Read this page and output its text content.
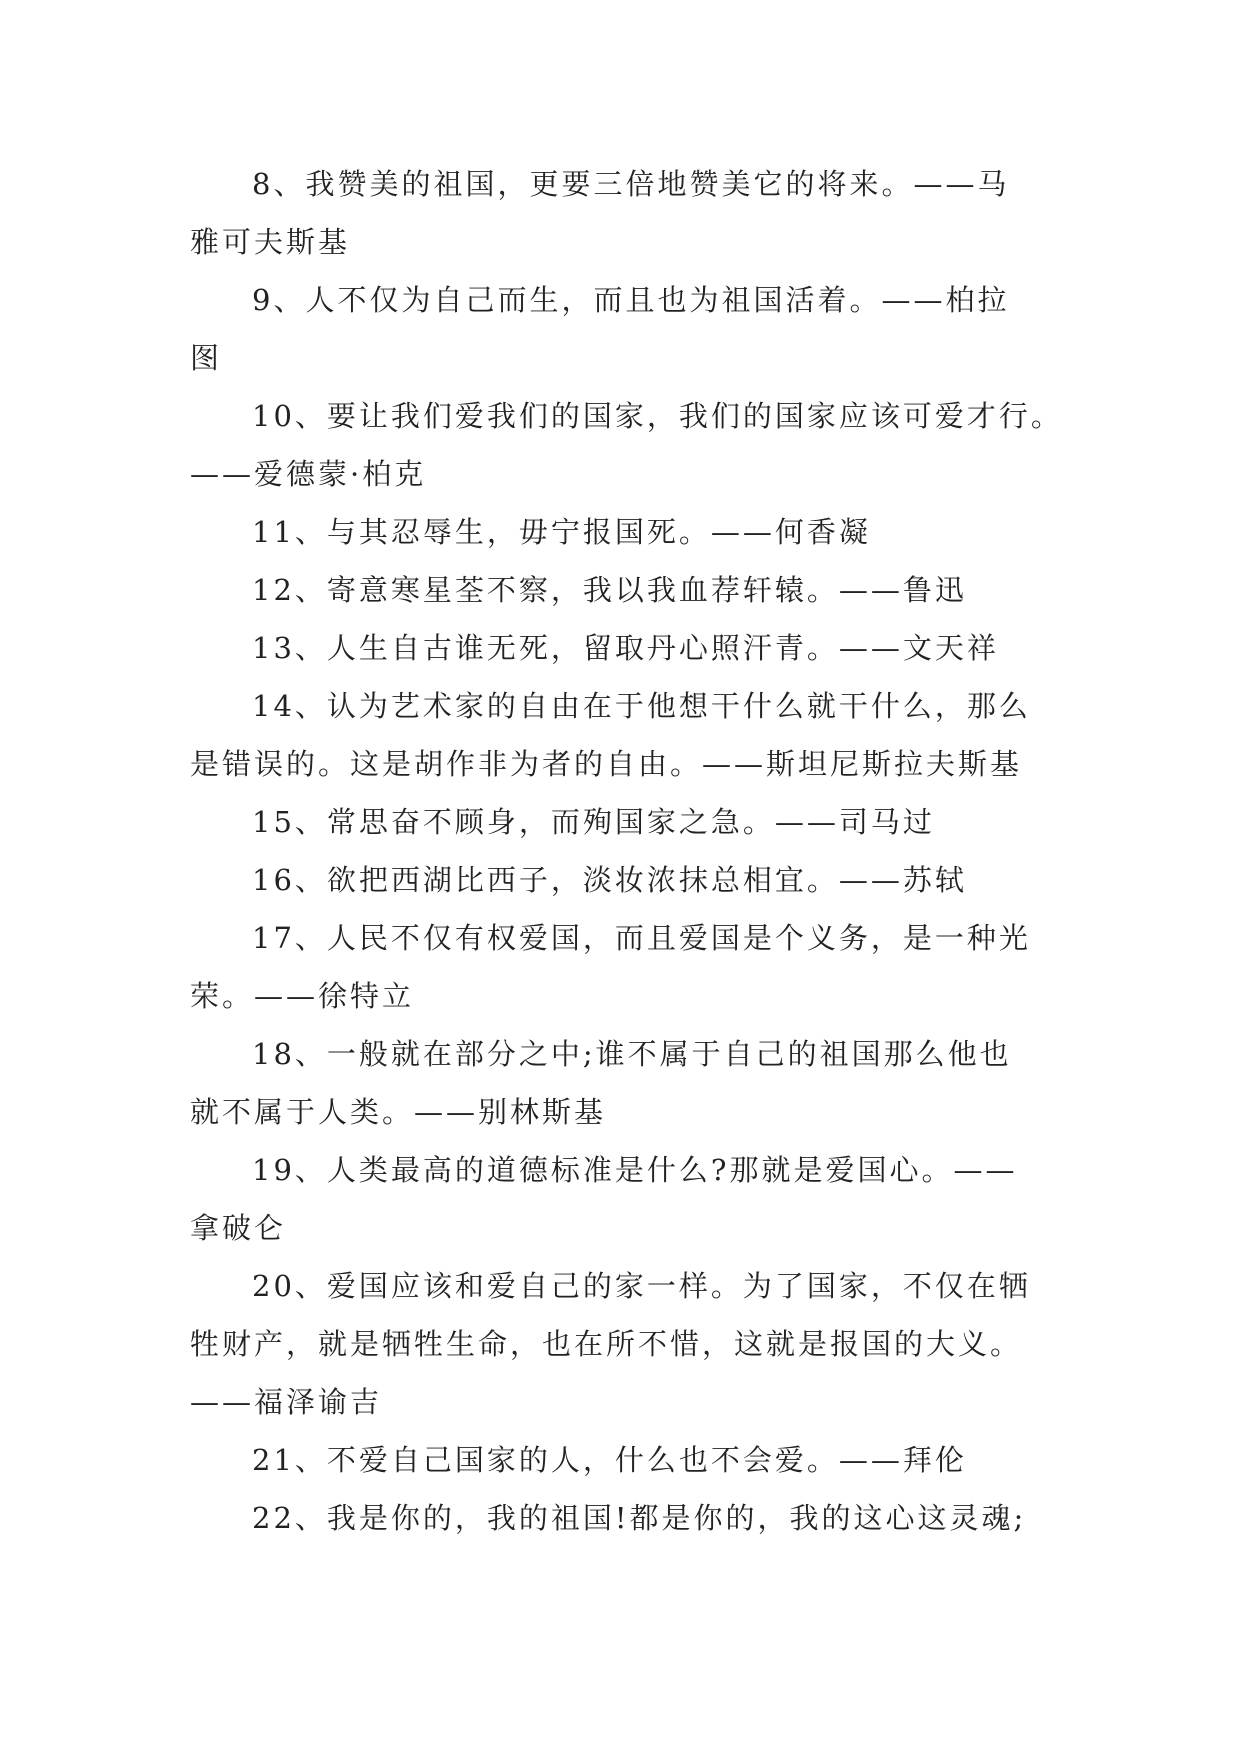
8、我赞美的祖国，更要三倍地赞美它的将来。——马
雅可夫斯基
9、人不仅为自己而生，而且也为祖国活着。——柏拉
图
10、要让我们爱我们的国家，我们的国家应该可爱才行。
——爱德蒙·柏克
11、与其忍辱生，毋宁报国死。——何香凝
12、寄意寒星荃不察，我以我血荐轩辕。——鲁迅
13、人生自古谁无死，留取丹心照汗青。——文天祥
14、认为艺术家的自由在于他想干什么就干什么，那么
是错误的。这是胡作非为者的自由。——斯坦尼斯拉夫斯基
15、常思奋不顾身，而殉国家之急。——司马过
16、欲把西湖比西子，淡妆浓抹总相宜。——苏轼
17、人民不仅有权爱国，而且爱国是个义务，是一种光
荣。——徐特立
18、一般就在部分之中;谁不属于自己的祖国那么他也
就不属于人类。——别林斯基
19、人类最高的道德标准是什么?那就是爱国心。——
拿破仑
20、爱国应该和爱自己的家一样。为了国家，不仅在牺
牲财产，就是牺牲生命，也在所不惜，这就是报国的大义。
——福泽谕吉
21、不爱自己国家的人，什么也不会爱。——拜伦
22、我是你的，我的祖国!都是你的，我的这心这灵魂;
